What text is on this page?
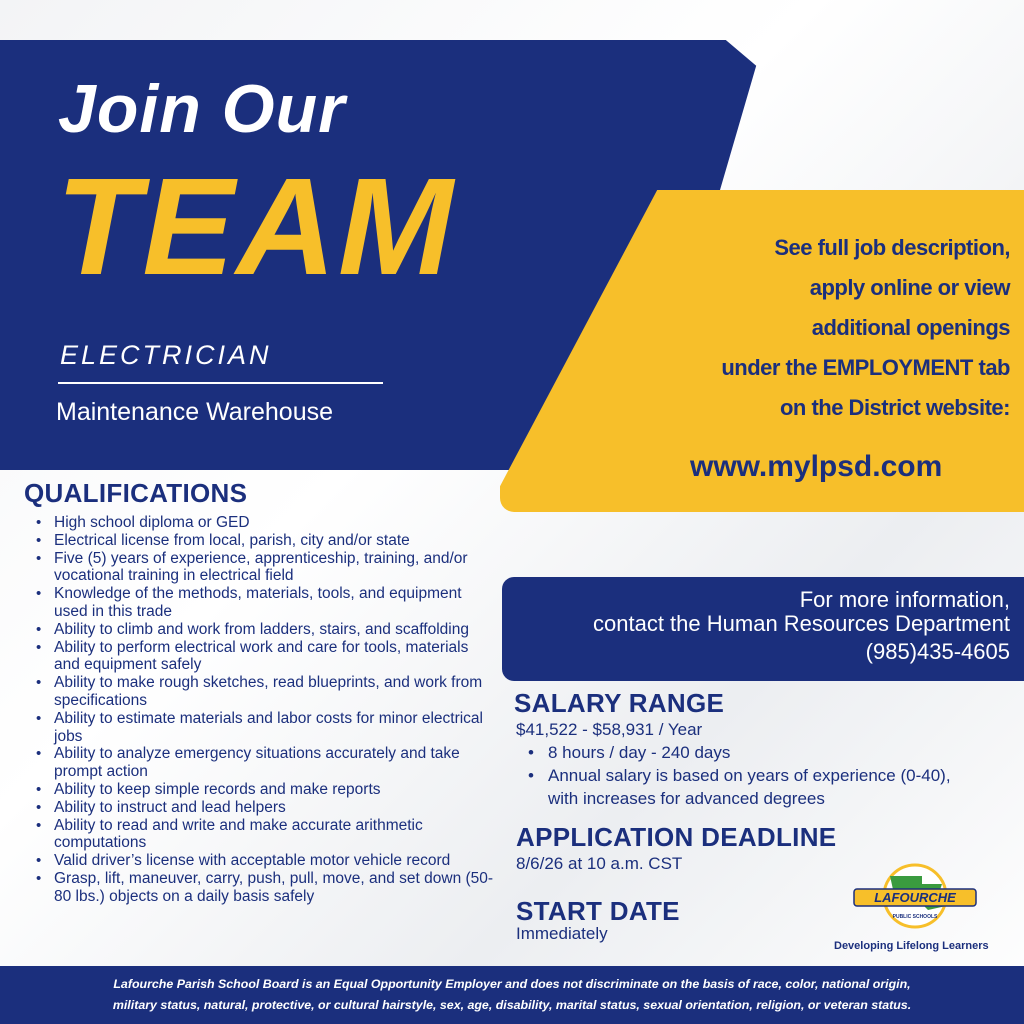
Join Our
TEAM
ELECTRICIAN
Maintenance Warehouse
See full job description,
apply online or view
additional openings
under the EMPLOYMENT tab
on the District website:
www.mylpsd.com
For more information,
contact the Human Resources Department
(985)435-4605
QUALIFICATIONS
• High school diploma or GED
• Electrical license from local, parish, city and/or state
• Five (5) years of experience, apprenticeship, training, and/or vocational training in electrical field
• Knowledge of the methods, materials, tools, and equipment used in this trade
• Ability to climb and work from ladders, stairs, and scaffolding
• Ability to perform electrical work and care for tools, materials and equipment safely
• Ability to make rough sketches, read blueprints, and work from specifications
• Ability to estimate materials and labor costs for minor electrical jobs
• Ability to analyze emergency situations accurately and take prompt action
• Ability to keep simple records and make reports
• Ability to instruct and lead helpers
• Ability to read and write and make accurate arithmetic computations
• Valid driver’s license with acceptable motor vehicle record
• Grasp, lift, maneuver, carry, push, pull, move, and set down (50-80 lbs.) objects on a daily basis safely
SALARY RANGE
$41,522 - $58,931 / Year
• 8 hours / day - 240 days
• Annual salary is based on years of experience (0-40), with increases for advanced degrees
APPLICATION DEADLINE
8/6/26 at 10 a.m. CST
START DATE
Immediately
LAFOURCHE
PUBLIC SCHOOLS
Developing Lifelong Learners
Lafourche Parish School Board is an Equal Opportunity Employer and does not discriminate on the basis of race, color, national origin,
military status, natural, protective, or cultural hairstyle, sex, age, disability, marital status, sexual orientation, religion, or veteran status.
